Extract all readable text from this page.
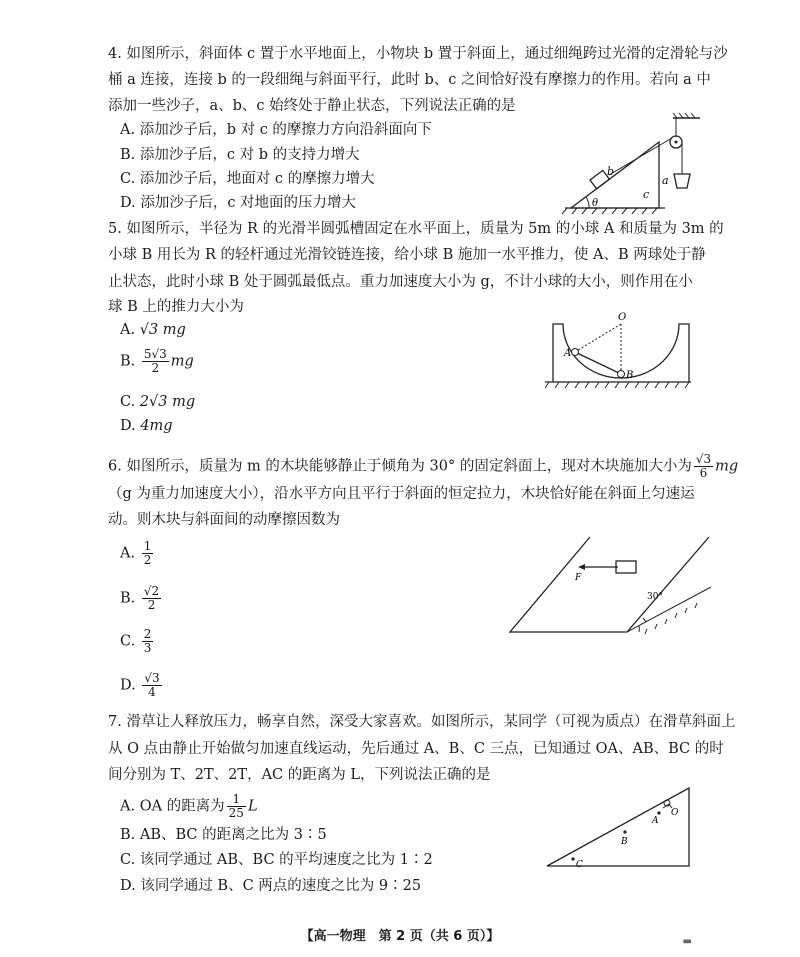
4. 如图所示，斜面体 c 置于水平地面上，小物块 b 置于斜面上，通过细绳跨过光滑的定滑轮与沙
桶 a 连接，连接 b 的一段细绳与斜面平行，此时 b、c 之间恰好没有摩擦力的作用。若向 a 中
添加一些沙子，a、b、c 始终处于静止状态，下列说法正确的是
A. 添加沙子后，b 对 c 的摩擦力方向沿斜面向下
B. 添加沙子后，c 对 b 的支持力增大
C. 添加沙子后，地面对 c 的摩擦力增大
D. 添加沙子后，c 对地面的压力增大
b
c
a
θ
5. 如图所示，半径为 R 的光滑半圆弧槽固定在水平面上，质量为 5m 的小球 A 和质量为 3m 的
小球 B 用长为 R 的轻杆通过光滑铰链连接，给小球 B 施加一水平推力，使 A、B 两球处于静
止状态，此时小球 B 处于圆弧最低点。重力加速度大小为 g，不计小球的大小，则作用在小
球 B 上的推力大小为
A. √3 mg
B. $\frac{5√3}{2}$ mg
C. 2√3 mg
D. 4mg
O
A
B
6. 如图所示，质量为 m 的木块能够静止于倾角为 30° 的固定斜面上，现对木块施加大小为 $\frac{√3}{6}$ mg
（g 为重力加速度大小），沿水平方向且平行于斜面的恒定拉力，木块恰好能在斜面上匀速运
动。则木块与斜面间的动摩擦因数为
A. $\frac{1}{2}$
B. $\frac{√2}{2}$
C. $\frac{2}{3}$
D. $\frac{√3}{4}$
30°
F
7. 滑草让人释放压力，畅享自然，深受大家喜欢。如图所示，某同学（可视为质点）在滑草斜面上
从 O 点由静止开始做匀加速直线运动，先后通过 A、B、C 三点，已知通过 OA、AB、BC 的时
间分别为 T、2T、2T，AC 的距离为 L，下列说法正确的是
A. OA 的距离为 $\frac{1}{25}$ L
B. AB、BC 的距离之比为 3∶5
C. 该同学通过 AB、BC 的平均速度之比为 1∶2
D. 该同学通过 B、C 两点的速度之比为 9∶25
O
A
B
C
【高一物理　第 2 页（共 6 页）】	▬
